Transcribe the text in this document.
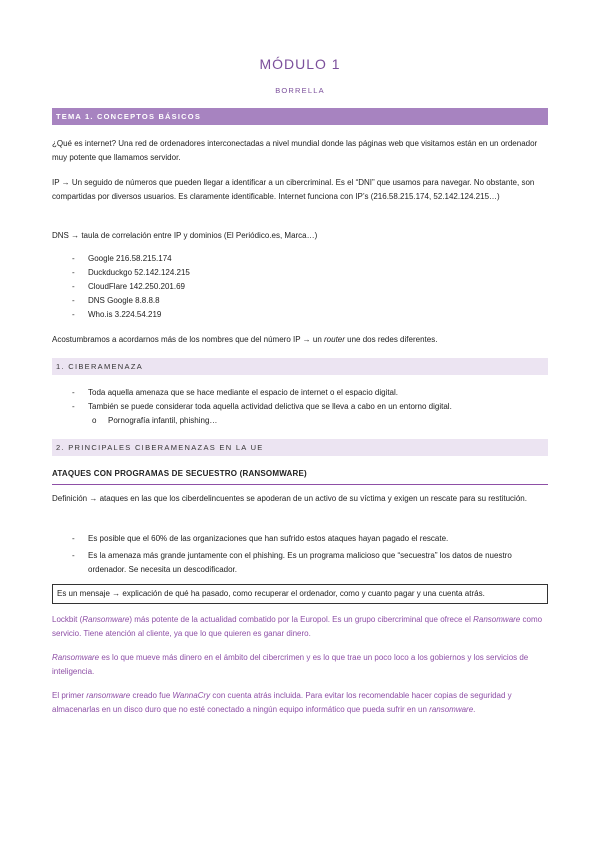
MÓDULO 1
BORRELLA
TEMA 1. CONCEPTOS BÁSICOS
¿Qué es internet? Una red de ordenadores interconectadas a nivel mundial donde las páginas web que visitamos están en un ordenador muy potente que llamamos servidor.
IP → Un seguido de números que pueden llegar a identificar a un cibercriminal. Es el “DNI” que usamos para navegar. No obstante, son compartidas por diversos usuarios. Es claramente identificable. Internet funciona con IP’s (216.58.215.174, 52.142.124.215…)
DNS → taula de correlación entre IP y dominios (El Periódico.es, Marca…)
- Google 216.58.215.174
- Duckduckgo 52.142.124.215
- CloudFlare 142.250.201.69
- DNS Google 8.8.8.8
- Who.is 3.224.54.219
Acostumbramos a acordarnos más de los nombres que del número IP → un router une dos redes diferentes.
1. CIBERAMENAZA
- Toda aquella amenaza que se hace mediante el espacio de internet o el espacio digital.
- También se puede considerar toda aquella actividad delictiva que se lleva a cabo en un entorno digital.
o Pornografía infantil, phishing…
2. PRINCIPALES CIBERAMENAZAS EN LA UE
ATAQUES CON PROGRAMAS DE SECUESTRO (RANSOMWARE)
Definición → ataques en las que los ciberdelincuentes se apoderan de un activo de su víctima y exigen un rescate para su restitución.
- Es posible que el 60% de las organizaciones que han sufrido estos ataques hayan pagado el rescate.
- Es la amenaza más grande juntamente con el phishing. Es un programa malicioso que “secuestra” los datos de nuestro ordenador. Se necesita un descodificador.
Es un mensaje → explicación de qué ha pasado, como recuperar el ordenador, como y cuanto pagar y una cuenta atrás.
Lockbit (Ransomware) más potente de la actualidad combatido por la Europol. Es un grupo cibercriminal que ofrece el Ransomware como servicio. Tiene atención al cliente, ya que lo que quieren es ganar dinero.
Ransomware es lo que mueve más dinero en el ámbito del cibercrimen y es lo que trae un poco loco a los gobiernos y los servicios de inteligencia.
El primer ransomware creado fue WannaCry con cuenta atrás incluida. Para evitar los recomendable hacer copias de seguridad y almacenarlas en un disco duro que no esté conectado a ningún equipo informático que pueda sufrir en un ransomware.
